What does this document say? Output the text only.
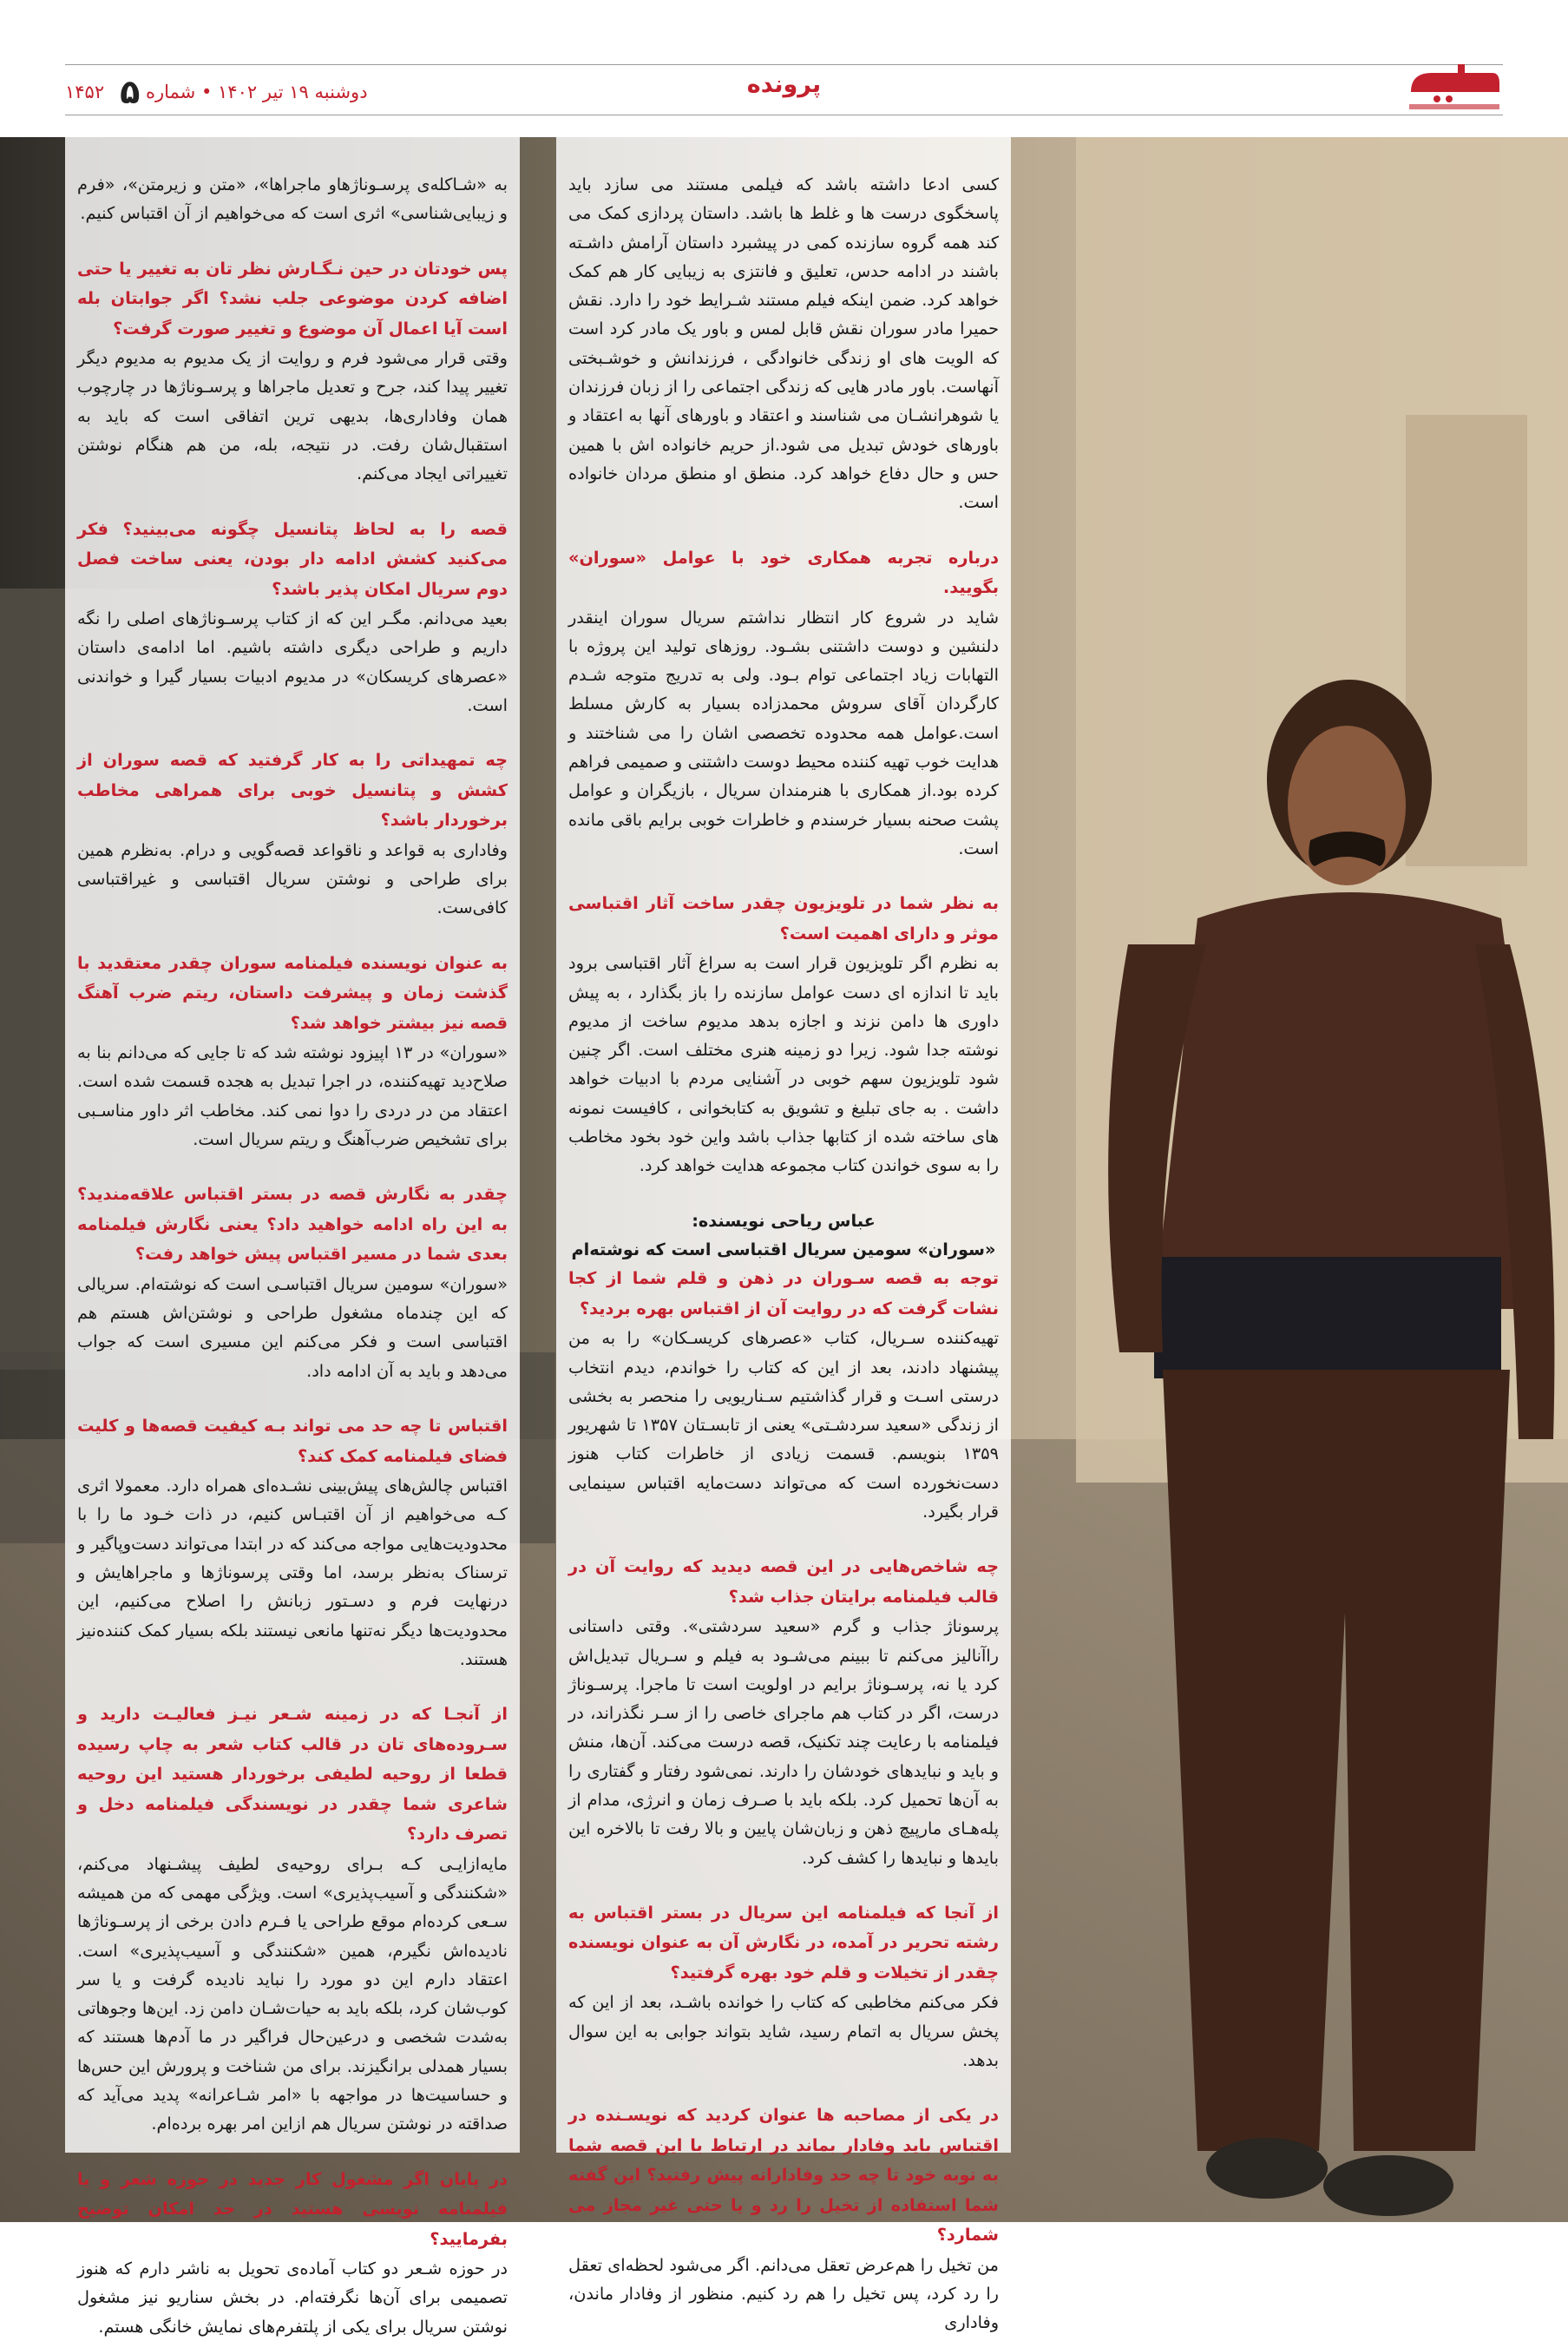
دوشنبه ۱۹ تیر ۱۴۰۲ • شماره ۱۴۵۲۵	پرونده

کسی ادعا داشته باشد که فیلمی مستند می سازد باید پاسخگوی درست ها و غلط ها باشد. داستان پردازی کمک می کند همه گروه سازنده کمی در پیشبرد داستان آرامش داشـته باشند در ادامه حدس، تعلیق و فانتزی به زیبایی کار هم کمک خواهد کرد. ضمن اینکه فیلم مستند شـرایط خود را دارد. نقش حمیرا مادر سوران نقش قابل لمس و باور یک مادر کرد است که الویت های او زندگی خانوادگی ، فرزندانش و خوشـبختی آنهاست. باور مادر هایی که زندگی اجتماعی را از زبان فرزندان یا شوهرانشـان می شناسند و اعتقاد و باورهای آنها به اعتقاد و باورهای خودش تبدیل می شود.از حریم خانواده اش با همین حس و حال دفاع خواهد کرد. منطق او منطق مردان خانواده است.

درباره تجربه همکاری خود با عوامل «سوران» بگویید.

شاید در شروع کار انتظار نداشتم سریال سوران اینقدر دلنشین و دوست داشتنی بشـود. روزهای تولید این پروژه با التهابات زیاد اجتماعی توام بـود. ولی به تدریج متوجه شـدم کارگردان آقای سروش محمدزاده بسیار به کارش مسلط است.عوامل همه محدوده تخصصی اشان را می شناختند و هدایت خوب تهیه کننده محیط دوست داشتنی و صمیمی فراهم کرده بود.از همکاری با هنرمندان سریال ، بازیگران و عوامل پشت صحنه بسیار خرسندم و خاطرات خوبی برایم باقی مانده است.

به نظر شما در تلویزیون چقدر ساخت آثار اقتباسی موثر و دارای اهمیت است؟

به نظرم اگر تلویزیون قرار است به سراغ آثار اقتباسی برود باید تا اندازه ای دست عوامل سازنده را باز بگذارد ، به پیش داوری ها دامن نزند و اجازه بدهد مدیوم ساخت از مدیوم نوشته جدا شود. زیرا دو زمینه هنری مختلف است. اگر چنین شود تلویزیون سهم خوبی در آشنایی مردم با ادبیات خواهد داشت . به جای تبلیغ و تشویق به کتابخوانی ، کافیست نمونه های ساخته شده از کتابها جذاب باشد واین خود بخود مخاطب را به سوی خواندن کتاب مجموعه هدایت خواهد کرد.

عباس ریاحی نویسنده:

«سوران» سومین سریال اقتباسی است که نوشته‌ام

توجه به قصه سـوران در ذهن و قلم شما از کجا نشات گرفت که در روایت آن از اقتباس بهره بردید؟

تهیه‌کننده سـریال، کتاب «عصرهای کریسـکان» را به من پیشنهاد دادند، بعد از این که کتاب را خواندم، دیدم انتخاب درستی اسـت و قرار گذاشتیم سـناریویی را منحصر به بخشی از زندگی «سعید سردشـتی» یعنی از تابسـتان ۱۳۵۷ تا شهریور ۱۳۵۹ بنویسم. قسمت زیادی از خاطرات کتاب هنوز دست‌نخورده است که می‌تواند دست‌مایه اقتباس سینمایی قرار بگیرد.

چه شاخص‌هایی در این قصه دیدید که روایت آن در قالب فیلمنامه برایتان جذاب شد؟

پرسوناژ جذاب و گرم «سعید سردشتی». وقتی داستانی راآنالیز می‌کنم تا ببینم می‌شـود به فیلم و سـریال تبدیل‌اش کرد یا نه، پرسـوناژ برایم در اولویت است تا ماجرا. پرسـوناژ درست، اگر در کتاب هم ماجرای خاصی را از سـر نگذراند، در فیلمنامه با رعایت چند تکنیک، قصه درست می‌کند. آن‌ها، منش و باید و نبایدهای خودشان را دارند. نمی‌شود رفتار و گفتاری را به آن‌ها تحمیل کرد. بلکه باید با صـرف زمان و انرژی، مدام از پله‌هـای مارپیچ ذهن و زبان‌شان پایین و بالا رفت تا بالاخره این بایدها و نبایدها را کشف کرد.

از آنجا که فیلمنامه این سریال در بستر اقتباس به رشته تحریر در آمده، در نگارش آن به عنوان نویسنده چقدر از تخیلات و قلم خود بهره گرفتید؟

فکر می‌کنم مخاطبی که کتاب را خوانده باشـد، بعد از این که پخش سریال به اتمام رسید، شاید بتواند جوابی به این سوال بدهد.

در یکی از مصاحبه ها عنوان کردید که نویسـنده در اقتباس باید وفادار بماند در ارتباط با این قصه شما به نوبه خود تا چه حد وفادارانه پیش رفتید؟ این گفته شما استفاده از تخیل را رد و یا حتی غیر مجاز می شمارد؟

من تخیل را هم‌عرض تعقل می‌دانم. اگر می‌شود لحظه‌ای تعقل را رد کرد، پس تخیل را هم رد کنیم. منظور از وفادار ماندن، وفاداری

به «شـاکله‌ی پرسـوناژهاو ماجراها»، «متن و زیرمتن»، «فرم و زیبایی‌شناسی» اثری است که می‌خواهیم از آن اقتباس کنیم.

پس خودتان در حین نـگـارش نظر تان به تغییر یا حتی اضافه کردن موضوعی جلب نشد؟ اگر جوابتان بله است آیا اعمال آن موضوع و تغییر صورت گرفت؟

وقتی قرار می‌شود فرم و روایت از یک مدیوم به مدیوم دیگر تغییر پیدا کند، جرح و تعدیل ماجراها و پرسـوناژها در چارچوب همان وفاداری‌ها، بدیهی ترین اتفاقی است که باید به استقبال‌شان رفت. در نتیجه، بله، من هم هنگام نوشتن تغییراتی ایجاد می‌کنم.

قصه را به لحاظ پتانسیل چگونه می‌بینید؟ فکر می‌کنید کشش ادامه دار بودن، یعنی ساخت فصل دوم سریال امکان پذیر باشد؟

بعید می‌دانم. مگـر این که از کتاب پرسـوناژهای اصلی را نگه داریم و طراحی دیگری داشته باشیم. اما ادامه‌ی داستان «عصرهای کریسکان» در مدیوم ادبیات بسیار گیرا و خواندنی است.

چه تمهیداتی را به کار گرفتید که قصه سوران از کشش و پتانسیل خوبی برای همراهی مخاطب برخوردار باشد؟

وفاداری به قواعد و ناقواعد قصه‌گویی و درام. به‌نظرم همین برای طراحی و نوشتن سریال اقتباسی و غیراقتباسی کافی‌ست.

به عنوان نویسنده فیلمنامه سوران چقدر معتقدید با گذشت زمان و پیشرفت داستان، ریتم ضرب آهنگ قصه نیز بیشتر خواهد شد؟

«سوران» در ۱۳ اپیزود نوشته شد که تا جایی که می‌دانم بنا به صلاح‌دید تهیه‌کننده، در اجرا تبدیل به هجده قسمت شده است. اعتقاد من در دردی را دوا نمی کند. مخاطب اثر داور مناسـبی برای تشخیص ضرب‌آهنگ و ریتم سریال است.

چقدر به نگارش قصه در بستر اقتباس علاقه‌مندید؟ به این راه ادامه خواهید داد؟ یعنی نگارش فیلمنامه بعدی شما در مسیر اقتباس پیش خواهد رفت؟

«سوران» سومین سریال اقتباسـی است که نوشته‌ام. سریالی که این چندماه مشغول طراحی و نوشتن‌اش هستم هم اقتباسی است و فکر می‌کنم این مسیری است که جواب می‌دهد و باید به آن ادامه داد.

اقتباس تا چه حد می تواند بـه کیفیت قصه‌ها و کلیت فضای فیلمنامه کمک کند؟

اقتباس چالش‌های پیش‌بینی نشـده‌ای همراه دارد. معمولا اثری کـه می‌خواهیم از آن اقتبـاس کنیم، در ذات خـود ما را با محدودیت‌هایی مواجه می‌کند که در ابتدا می‌تواند دست‌وپاگیر و ترسناک به‌نظر برسد، اما وقتی پرسوناژها و ماجراهایش و درنهایت فرم و دسـتور زبانش را اصلاح می‌کنیم، این محدودیت‌ها دیگر نه‌تنها مانعی نیستند بلکه بسیار کمک کننده‌نیز هستند.

از آنجـا که در زمینه شـعر نیـز فعالیـت دارید و سـروده‌های تان در قالب کتاب شعر به چاپ رسیده قطعا از روحیه لطیفی برخوردار هستید این روحیه شاعری شما چقدر در نویسندگی فیلمنامه دخل و تصرف دارد؟

مایه‌ازایـی کـه بـرای روحیه‌ی لطیف پیشـنهاد می‌کنم، «شکنندگی و آسیب‌پذیری» است. ویژگی مهمی که من همیشه سـعی کرده‌ام موقع طراحی یا فـرم دادن برخی از پرسـوناژها نادیده‌اش نگیرم، همین «شکنندگی و آسیب‌پذیری» است. اعتقاد دارم این دو مورد را نباید نادیده گرفت و یا سر کوب‌شان کرد، بلکه باید به حیات‌شـان دامن زد. این‌ها وجوهاتی به‌شدت شخصی و درعین‌حال فراگیر در ما آدم‌ها هستند که بسیار همدلی برانگیزند. برای من شناخت و پرورش این حس‌ها و حساسیت‌ها در مواجهه با «امر شـاعرانه» پدید می‌آید که صداقته در نوشتن سریال هم ازاین امر بهره برده‌ام.

در پایان اگر مشغول کار جدید در حوزه شعر و یا فیلمنامه نویسی هستید در حد امکان توضیح بفرمایید؟

در حوزه شـعر دو کتاب آماده‌ی تحویل به ناشر دارم که هنوز تصمیمی برای آن‌ها نگرفته‌ام. در بخش سناریو نیز مشغول نوشتن سریال برای یکی از پلتفرم‌های نمایش خانگی هستم.
